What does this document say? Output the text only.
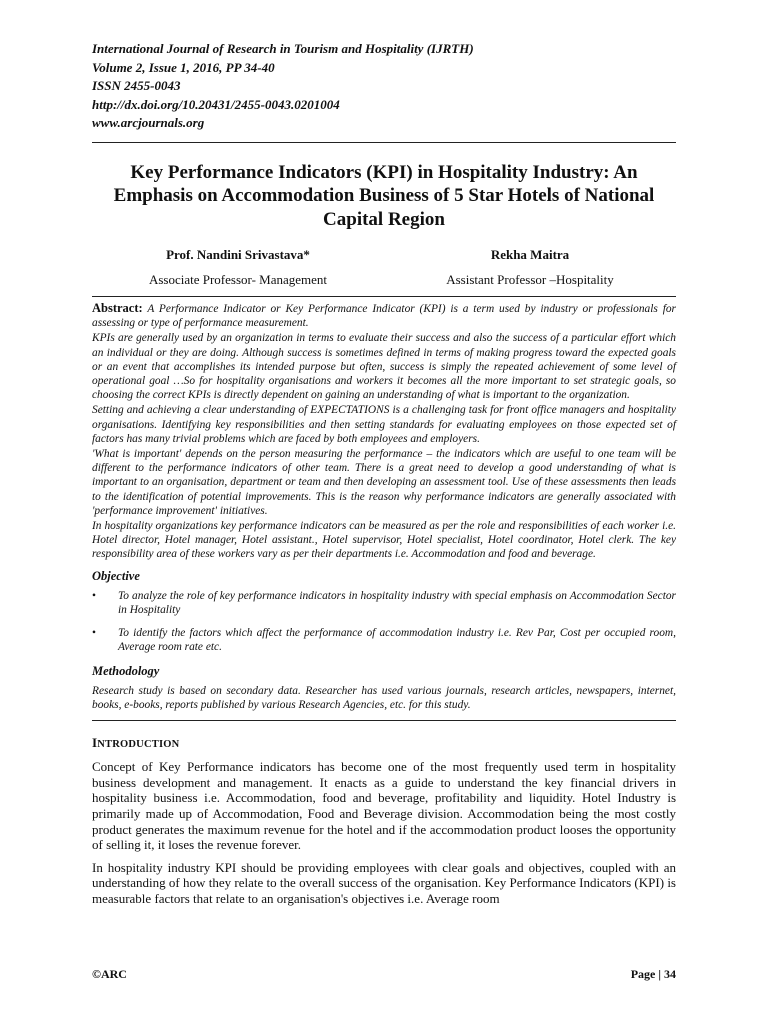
International Journal of Research in Tourism and Hospitality (IJRTH)
Volume 2, Issue 1, 2016, PP 34-40
ISSN 2455-0043
http://dx.doi.org/10.20431/2455-0043.0201004
www.arcjournals.org
Key Performance Indicators (KPI) in Hospitality Industry: An Emphasis on Accommodation Business of 5 Star Hotels of National Capital Region
Prof. Nandini Srivastava*
Associate Professor- Management
Rekha Maitra
Assistant Professor –Hospitality

Abstract: A Performance Indicator or Key Performance Indicator (KPI) is a term used by industry or professionals for assessing or type of performance measurement.

KPIs are generally used by an organization in terms to evaluate their success and also the success of a particular effort which an individual or they are doing. Although success is sometimes defined in terms of making progress toward the expected goals or an event that accomplishes its intended purpose but often, success is simply the repeated achievement of some level of operational goal …So for hospitality organisations and workers it becomes all the more important to set strategic goals, so choosing the correct KPIs is directly dependent on gaining an understanding of what is important to the organization.

Setting and achieving a clear understanding of EXPECTATIONS is a challenging task for front office managers and hospitality organisations. Identifying key responsibilities and then setting standards for evaluating employees on those expected set of factors has many trivial problems which are faced by both employees and employers.

'What is important' depends on the person measuring the performance – the indicators which are useful to one team will be different to the performance indicators of other team. There is a great need to develop a good understanding of what is important to an organisation, department or team and then developing an assessment tool. Use of these assessments then leads to the identification of potential improvements. This is the reason why performance indicators are generally associated with 'performance improvement' initiatives.

In hospitality organizations key performance indicators can be measured as per the role and responsibilities of each worker i.e. Hotel director, Hotel manager, Hotel assistant., Hotel supervisor, Hotel specialist, Hotel coordinator, Hotel clerk. The key responsibility area of these workers vary as per their departments i.e. Accommodation and food and beverage.

Objective
• To analyze the role of key performance indicators in hospitality industry with special emphasis on Accommodation Sector in Hospitality
• To identify the factors which affect the performance of accommodation industry i.e. Rev Par, Cost per occupied room, Average room rate etc.
Methodology

Research study is based on secondary data. Researcher has used various journals, research articles, newspapers, internet, books, e-books, reports published by various Research Agencies, etc. for this study.

INTRODUCTION

Concept of Key Performance indicators has become one of the most frequently used term in hospitality business development and management. It enacts as a guide to understand the key financial drivers in hospitality business i.e. Accommodation, food and beverage, profitability and liquidity. Hotel Industry is primarily made up of Accommodation, Food and Beverage division. Accommodation being the most costly product generates the maximum revenue for the hotel and if the accommodation product looses the opportunity of selling it, it loses the revenue forever.

In hospitality industry KPI should be providing employees with clear goals and objectives, coupled with an understanding of how they relate to the overall success of the organisation. Key Performance Indicators (KPI) is measurable factors that relate to an organisation's objectives i.e. Average room

©ARC	Page | 34
